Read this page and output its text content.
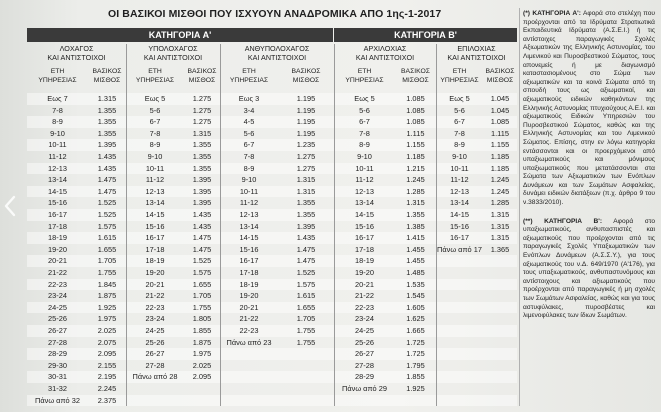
ΟΙ ΒΑΣΙΚΟΙ ΜΙΣΘΟΙ ΠΟΥ ΙΣΧΥΟΥΝ ΑΝΑΔΡΟΜΙΚΑ ΑΠΟ 1ης-1-2017
ΚΑΤΗΓΟΡΙΑ Α'	ΚΑΤΗΓΟΡΙΑ Β'
ΛΟΧΑΓΟΣ
ΚΑΙ ΑΝΤΙΣΤΟΙΧΟΙ
ΕΤΗ
ΥΠΗΡΕΣΙΑΣ
ΒΑΣΙΚΟΣ
ΜΙΣΘΟΣ
Εως 7	1.315
7-8	1.355
8-9	1.355
9-10	1.355
10-11	1.395
11-12	1.435
12-13	1.435
13-14	1.475
14-15	1.475
15-16	1.525
16-17	1.525
17-18	1.575
18-19	1.615
19-20	1.655
20-21	1.705
21-22	1.755
22-23	1.845
23-24	1.875
24-25	1.925
25-26	1.975
26-27	2.025
27-28	2.075
28-29	2.095
29-30	2.155
30-31	2.195
31-32	2.245
Πάνω από 32	2.375
ΥΠΟΛΟΧΑΓΟΣ
ΚΑΙ ΑΝΤΙΣΤΟΙΧΟΙ
ΕΤΗ
ΥΠΗΡΕΣΙΑΣ
ΒΑΣΙΚΟΣ
ΜΙΣΘΟΣ
Εως 5	1.275
5-6	1.275
6-7	1.275
7-8	1.315
8-9	1.355
9-10	1.355
10-11	1.355
11-12	1.395
12-13	1.395
13-14	1.395
14-15	1.435
15-16	1.435
16-17	1.475
17-18	1.475
18-19	1.525
19-20	1.575
20-21	1.655
21-22	1.705
22-23	1.755
23-24	1.805
24-25	1.855
25-26	1.875
26-27	1.975
27-28	2.025
Πάνω από 28	2.095
ΑΝΘΥΠΟΛΟΧΑΓΟΣ
ΚΑΙ ΑΝΤΙΣΤΟΙΧΟΙ
ΕΤΗ
ΥΠΗΡΕΣΙΑΣ
ΒΑΣΙΚΟΣ
ΜΙΣΘΟΣ
Εως 3	1.195
3-4	1.195
4-5	1.195
5-6	1.195
6-7	1.235
7-8	1.275
8-9	1.275
9-10	1.315
10-11	1.315
11-12	1.355
12-13	1.355
13-14	1.395
14-15	1.435
15-16	1.475
16-17	1.475
17-18	1.525
18-19	1.575
19-20	1.615
20-21	1.655
21-22	1.705
22-23	1.755
Πάνω από 23	1.755
ΑΡΧΙΛΟΧΙΑΣ
ΚΑΙ ΑΝΤΙΣΤΟΙΧΟΙ
ΕΤΗ
ΥΠΗΡΕΣΙΑΣ
ΒΑΣΙΚΟΣ
ΜΙΣΘΟΣ
Εως 5	1.085
5-6	1.085
6-7	1.085
7-8	1.115
8-9	1.155
9-10	1.185
10-11	1.215
11-12	1.245
12-13	1.285
13-14	1.315
14-15	1.355
15-16	1.385
16-17	1.415
17-18	1.455
18-19	1.455
19-20	1.485
20-21	1.535
21-22	1.545
22-23	1.605
23-24	1.625
24-25	1.665
25-26	1.725
26-27	1.725
27-28	1.795
28-29	1.855
Πάνω από 29	1.925
ΕΠΙΛΟΧΙΑΣ
ΚΑΙ ΑΝΤΙΣΤΟΙΧΟΙ
ΕΤΗ
ΥΠΗΡΕΣΙΑΣ
ΒΑΣΙΚΟΣ
ΜΙΣΘΟΣ
Εως 5	1.045
5-6	1.045
6-7	1.085
7-8	1.115
8-9	1.155
9-10	1.185
10-11	1.185
11-12	1.245
12-13	1.245
13-14	1.285
14-15	1.315
15-16	1.315
16-17	1.315
Πάνω από 17	1.365

(*) ΚΑΤΗΓΟΡΙΑ Α': Αφορά στο στελέχη που προέρχονται από τα Ιδρύματα Στρατιωτικά Εκπαιδευτικά Ιδρύματα (Α.Σ.Ε.Ι.) ή τις αντίστοιχες παραγωγικές Σχολές Αξιωματικών της Ελληνικής Αστυνομίας, του Λιμενικού και Πυροσβεστικού Σώματος, τους απονεμείς ή με διαγωνισμό καταστασιομένους στο Σώμα των αξιωματικών και τα κοινά Σώματα από τη σπουδή τους ως αξιωματικοί, και αξιωματικούς ειδικών καθηκόντων της Ελληνικής Αστυνομίας πτυχιούχους Α.Ε.Ι. και αξιωματικούς Ειδικών Υπηρεσιών του Πυροσβεστικού Σώματος, καθώς και της Ελληνικής Αστυνομίας και του Λιμενικού Σώματος. Επίσης, στην εν λόγω κατηγορία εντάσσονται και οι προερχόμενοι από υπαξιωματικούς και μόνιμους υπαξιωματικούς που μετατάσσονται στα Σώματα των Αξιωματικών των Ενόπλων Δυνάμεων και των Σωμάτων Ασφαλείας, δυνάμει ειδικών διατάξεων (π.χ. άρθρο 9 του ν.3833/2010).

(**) ΚΑΤΗΓΟΡΙΑ Β': Αφορά στο υπαξιωματικούς, ανθυπασπιστές και αξιωματικούς που προέρχονται από τις παραγωγικές Σχολές Υπαξιωματικών των Ενόπλων Δυνάμεων (Α.Σ.Σ.Υ.), για τους αξιωματικούς του ν.Δ. 649/1970 (Α'176), για τους υπαξιωματικούς, ανθυπαστυνόμους και αντίστοιχους και αξιωματικούς που προέρχονται από παραγωγικές ή μη σχολές των Σωμάτων Ασφαλείας, καθώς και για τους αστυφύλακες, πυροσβέστες και λιμενοφύλακες των ίδιων Σωμάτων.
